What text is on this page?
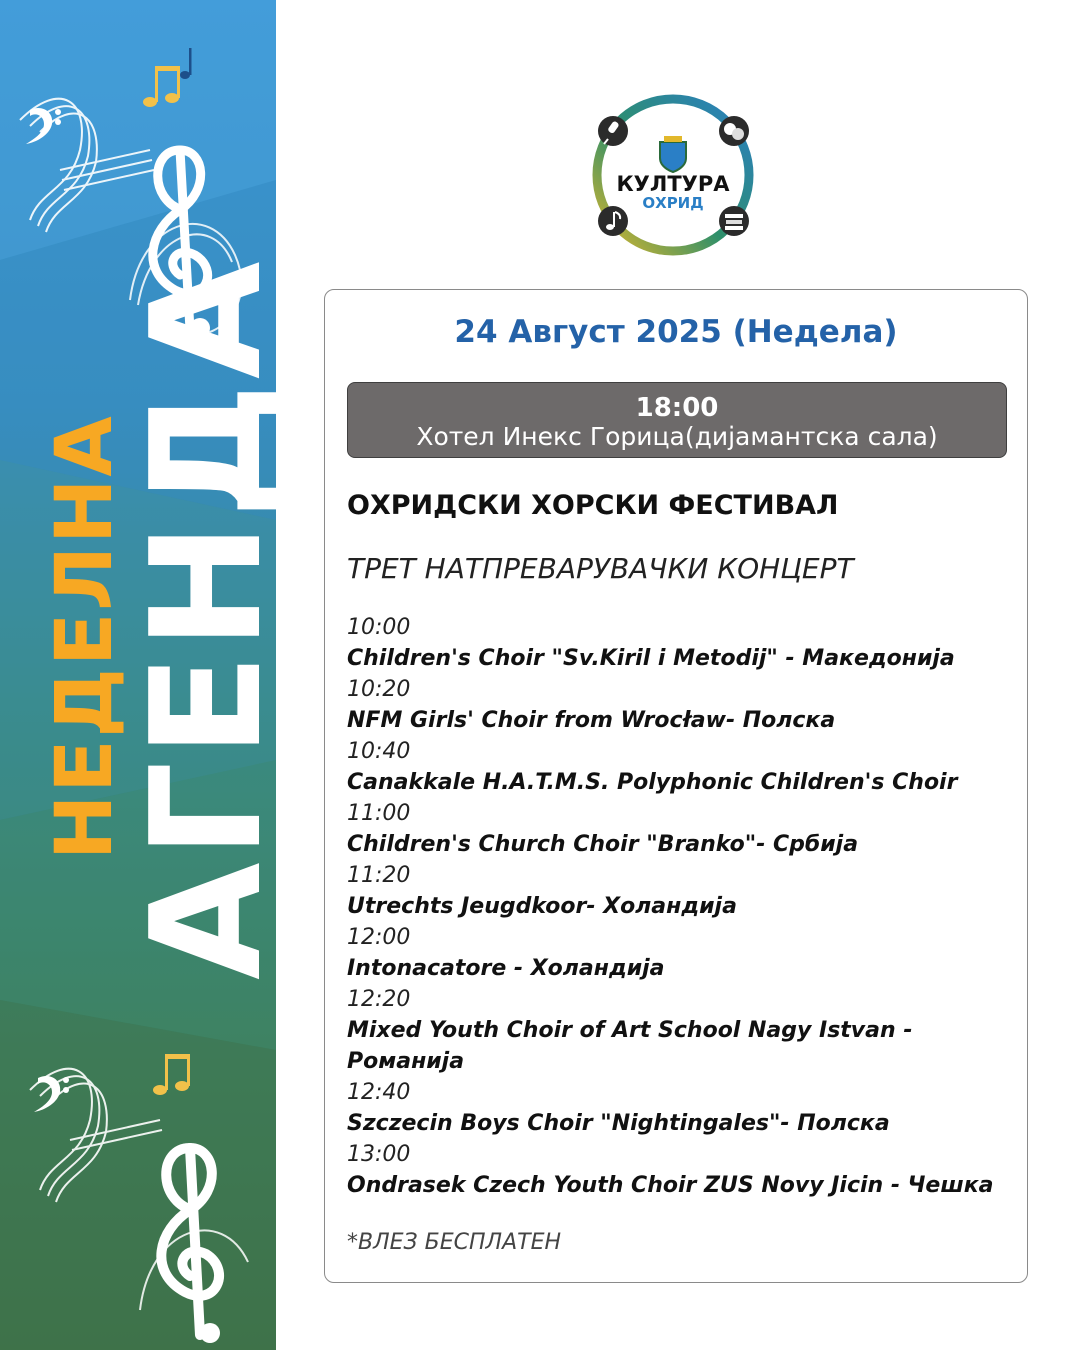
НЕДЕЛНА
АГЕНДА
КУЛТУРА
ОХРИД
24 Август 2025 (Недела)
18:00
Хотел Инекс Горица(дијамантска сала)
ОХРИДСКИ ХОРСКИ ФЕСТИВАЛ
ТРЕТ НАТПРЕВАРУВАЧКИ КОНЦЕРТ
10:00
Children's Choir "Sv.Kiril i Metodij" - Македонија
10:20
NFM Girls' Choir from Wrocław- Полска
10:40
Canakkale H.A.T.M.S. Polyphonic Children's Choir
11:00
Children's Church Choir "Branko"- Србија
11:20
Utrechts Jeugdkoor- Холандија
12:00
Intonacatore - Холандија
12:20
Mixed Youth Choir of Art School Nagy Istvan - Романија
12:40
Szczecin Boys Choir "Nightingales"- Полска
13:00
Ondrasek Czech Youth Choir ZUS Novy Jicin - Чешка
*ВЛЕЗ БЕСПЛАТЕН
